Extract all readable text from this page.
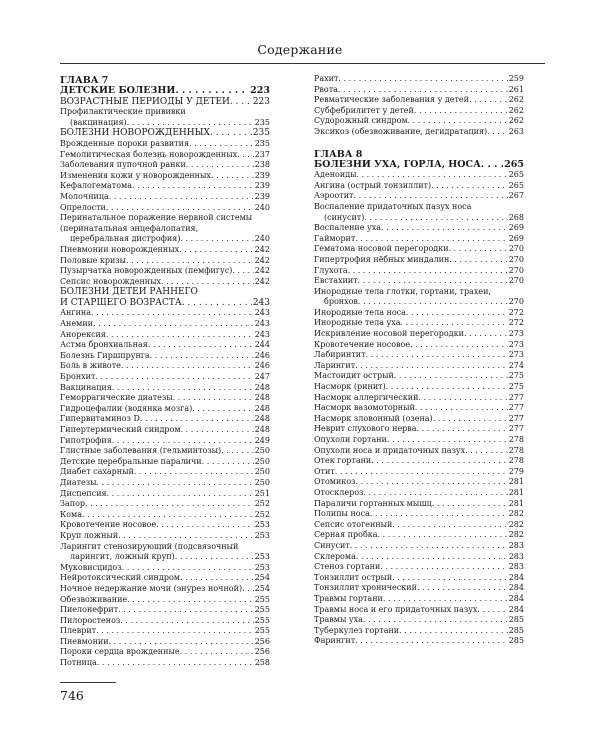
Содержание
ГЛАВА 7
ДЕТСКИЕ БОЛЕЗНИ . . .	223
ВОЗРАСТНЫЕ ПЕРИОДЫ У ДЕТЕЙ . . .	223
Профилактические прививки
(вакцинация) . . .	235
БОЛЕЗНИ НОВОРОЖДЕННЫХ . . .	235
Врожденные пороки развития . . .	235
Гемолитическая болезнь новорожденных . . . 237
Заболевания пупочной ранки . . .	238
Изменения кожи у новорожденных . . .	239
Кефалогематома . . .	239
Молочница . . .	239
Опрелости . . .	240
Перинатальное поражение нервной системы
(перинатальная энцефалопатия,
церебральная дистрофия) . . .	240
Пневмонии новорожденных . . .	242
Половые кризы . . .	242
Пузырчатка новорожденных (пемфигус) . . .	242
Сепсис новорожденных . . .	242
БОЛЕЗНИ ДЕТЕЙ РАННЕГО
И СТАРШЕГО ВОЗРАСТА . . .	243
Ангина . . .	243
Анемии . . .	243
Анорексия . . .	243
Астма бронхиальная . . .	244
Болезнь Гиршпрунга . . .	246
Боль в животе . . .	246
Бронхит . . .	247
Вакцинация . . .	248
Геморрагические диатезы . . .	248
Гидроцефалии (водянка мозга) . . .	248
Гипервитаминоз D . . .	248
Гипертермический синдром . . .	248
Гипотрофия . . .	249
Глистные заболевания (гельминтозы) . . .	250
Детские церебральные параличи . . .	250
Диабет сахарный . . .	250
Диатезы . . .	250
Диспепсия . . .	251
Запор . . .	252
Кома . . .	252
Кровотечение носовое . . .	253
Круп ложный . . .	253
Ларингит стенозирующий (подсвязочный
ларингит, ложный круп) . . .	253
Муковисцидоз . . .	253
Нейротоксический синдром . . .	254
Ночное недержание мочи (энурез ночной) . . . 254
Обезвоживание . . .	255
Пиелонефрит . . .	255
Пилоростеноз . . .	255
Плеврит . . .	255
Пневмонии . . .	256
Пороки сердца врожденные . . .	256
Потница . . .	258
Рахит . . .	259
Рвота . . .	261
Ревматические заболевания у детей . . .	262
Субфебрилитет у детей . . .	262
Судорожный синдром . . .	262
Эксикоз (обезвоживание, дегидратация) . . .	263
ГЛАВА 8
БОЛЕЗНИ УХА, ГОРЛА, НОСА . . . 265
Аденоиды . . .	265
Ангина (острый тонзиллит) . . .	265
Аэроотит . . .	267
Воспаление придаточных пазух носа
(синусит) . . .	268
Воспаление уха . . .	269
Гайморит . . .	269
Гематома носовой перегородки . . .	270
Гипертрофия нёбных миндалин . . .	270
Глухота . . .	270
Евстахиит . . .	270
Инородные тела глотки, гортани, трахеи,
бронхов . . .	270
Инородные тела носа . . .	272
Инородные тела уха . . .	272
Искривление носовой перегородки . . .	273
Кровотечение носовое . . .	273
Лабиринтит . . .	273
Ларингит . . .	274
Мастоидит острый . . .	275
Насморк (ринит) . . .	275
Насморк аллергический . . .	277
Насморк вазомоторный . . .	277
Насморк зловонный (озена) . . .	277
Неврит слухового нерва . . .	277
Опухоли гортани . . .	278
Опухоли носа и придаточных пазух . . .	278
Отек гортани . . .	278
Отит . . .	279
Отомикоз . . .	281
Отосклероз . . .	281
Параличи гортанных мышц . . .	281
Полипы носа . . .	282
Сепсис отогенный . . .	282
Серная пробка . . .	282
Синусит . . .	283
Склерома . . .	283
Стеноз гортани . . .	283
Тонзиллит острый . . .	284
Тонзиллит хронический . . .	284
Травмы гортани . . .	284
Травмы носа и его придаточных пазух . . .	284
Травмы уха . . .	285
Туберкулез гортани . . .	285
Фарингит . . .	285
746
